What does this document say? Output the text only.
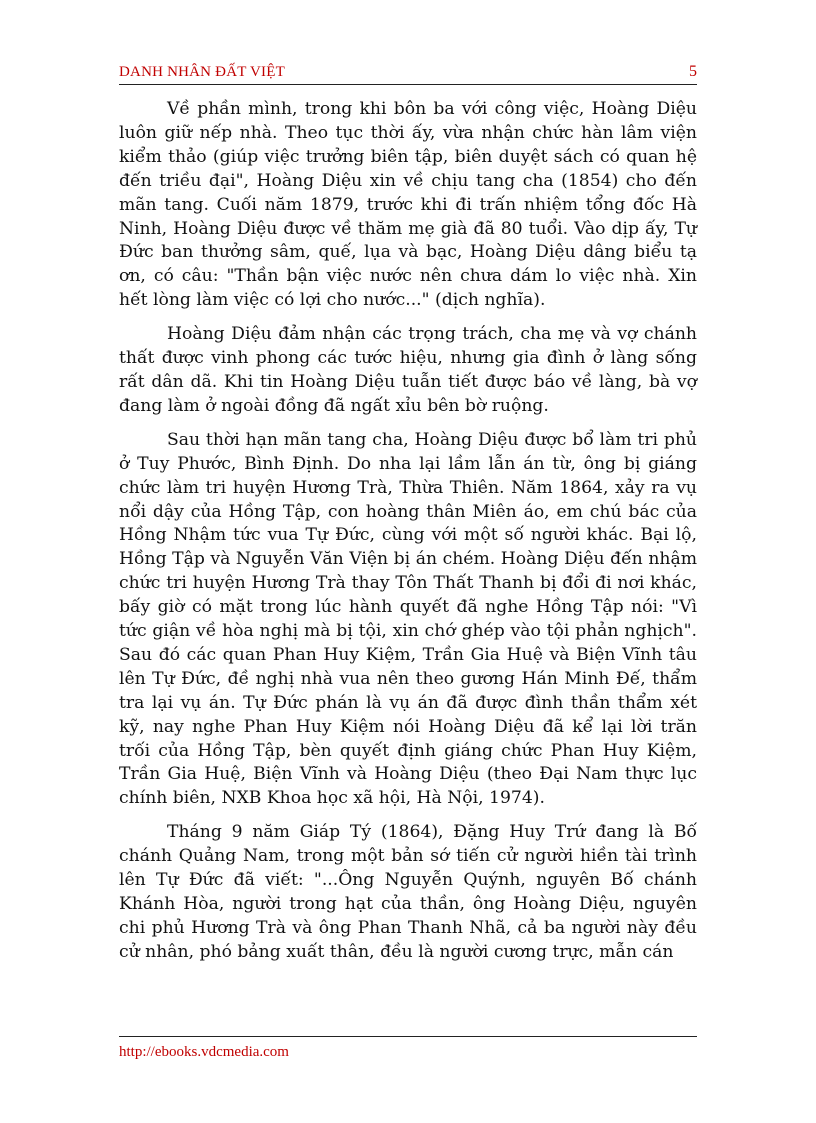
DANH NHÂN ĐẤT VIỆT	5

Về phần mình, trong khi bôn ba với công việc, Hoàng Diệu luôn giữ nếp nhà. Theo tục thời ấy, vừa nhận chức hàn lâm viện kiểm thảo (giúp việc trưởng biên tập, biên duyệt sách có quan hệ đến triều đại", Hoàng Diệu xin về chịu tang cha (1854) cho đến mãn tang. Cuối năm 1879, trước khi đi trấn nhiệm tổng đốc Hà Ninh, Hoàng Diệu được về thăm mẹ già đã 80 tuổi. Vào dịp ấy, Tự Đức ban thưởng sâm, quế, lụa và bạc, Hoàng Diệu dâng biểu tạ ơn, có câu: "Thần bận việc nước nên chưa dám lo việc nhà. Xin hết lòng làm việc có lợi cho nước..." (dịch nghĩa).

Hoàng Diệu đảm nhận các trọng trách, cha mẹ và vợ chánh thất được vinh phong các tước hiệu, nhưng gia đình ở làng sống rất dân dã. Khi tin Hoàng Diệu tuẫn tiết được báo về làng, bà vợ đang làm ở ngoài đồng đã ngất xỉu bên bờ ruộng.

Sau thời hạn mãn tang cha, Hoàng Diệu được bổ làm tri phủ ở Tuy Phước, Bình Định. Do nha lại lầm lẫn án từ, ông bị giáng chức làm tri huyện Hương Trà, Thừa Thiên. Năm 1864, xảy ra vụ nổi dậy của Hồng Tập, con hoàng thân Miên áo, em chú bác của Hồng Nhậm tức vua Tự Đức, cùng với một số người khác. Bại lộ, Hồng Tập và Nguyễn Văn Viện bị án chém. Hoàng Diệu đến nhậm chức tri huyện Hương Trà thay Tôn Thất Thanh bị đổi đi nơi khác, bấy giờ có mặt trong lúc hành quyết đã nghe Hồng Tập nói: "Vì tức giận về hòa nghị mà bị tội, xin chớ ghép vào tội phản nghịch". Sau đó các quan Phan Huy Kiệm, Trần Gia Huệ và Biện Vĩnh tâu lên Tự Đức, đề nghị nhà vua nên theo gương Hán Minh Đế, thẩm tra lại vụ án. Tự Đức phán là vụ án đã được đình thần thẩm xét kỹ, nay nghe Phan Huy Kiệm nói Hoàng Diệu đã kể lại lời trăn trối của Hồng Tập, bèn quyết định giáng chức Phan Huy Kiệm, Trần Gia Huệ, Biện Vĩnh và Hoàng Diệu (theo Đại Nam thực lục chính biên, NXB Khoa học xã hội, Hà Nội, 1974).

Tháng 9 năm Giáp Tý (1864), Đặng Huy Trứ đang là Bố chánh Quảng Nam, trong một bản sớ tiến cử người hiền tài trình lên Tự Đức đã viết: "...Ông Nguyễn Quýnh, nguyên Bố chánh Khánh Hòa, người trong hạt của thần, ông Hoàng Diệu, nguyên chi phủ Hương Trà và ông Phan Thanh Nhã, cả ba người này đều cử nhân, phó bảng xuất thân, đều là người cương trực, mẫn cán

http://ebooks.vdcmedia.com
